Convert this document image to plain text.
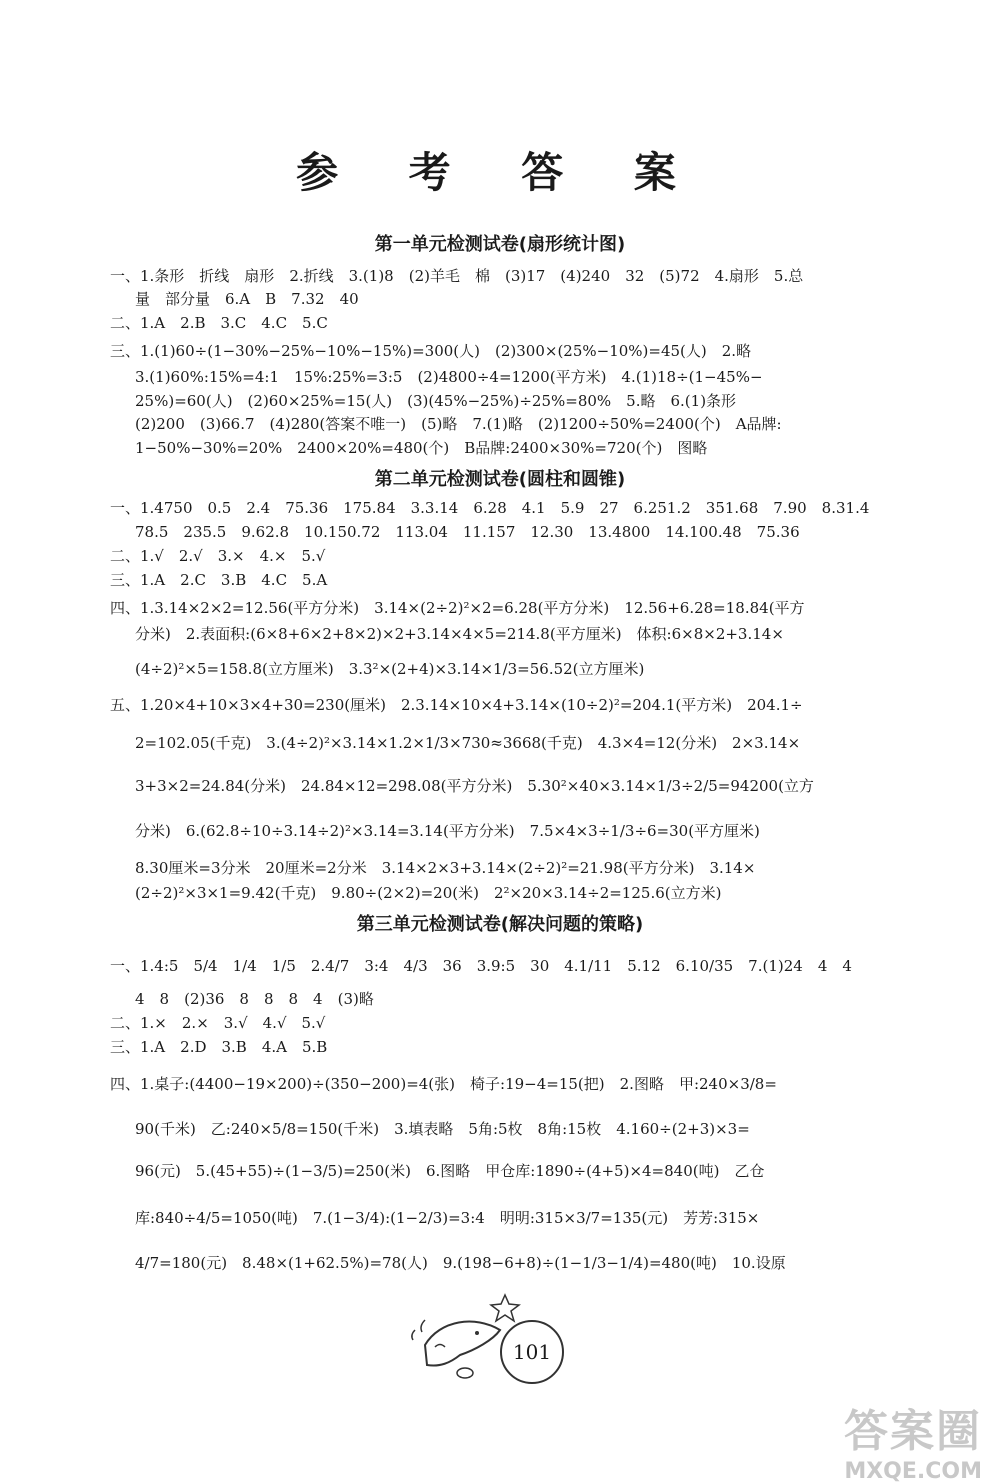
参 考 答 案
第一单元检测试卷(扇形统计图)
一、1.条形　折线　扇形　2.折线　3.(1)8　(2)羊毛　棉　(3)17　(4)240　32　(5)72　4.扇形　5.总
量　部分量　6.A　B　7.32　40
二、1.A　2.B　3.C　4.C　5.C
三、1.(1)60÷(1−30%−25%−10%−15%)=300(人)　(2)300×(25%−10%)=45(人)　2.略
3.(1)60%:15%=4:1　15%:25%=3:5　(2)4800÷4=1200(平方米)　4.(1)18÷(1−45%−
25%)=60(人)　(2)60×25%=15(人)　(3)(45%−25%)÷25%=80%　5.略　6.(1)条形
(2)200　(3)66.7　(4)280(答案不唯一)　(5)略　7.(1)略　(2)1200÷50%=2400(个)　A品牌:
1−50%−30%=20%　2400×20%=480(个)　B品牌:2400×30%=720(个)　图略
第二单元检测试卷(圆柱和圆锥)
一、1.4750　0.5　2.4　75.36　175.84　3.3.14　6.28　4.1　5.9　27　6.251.2　351.68　7.90　8.31.4
78.5　235.5　9.62.8　10.150.72　113.04　11.157　12.30　13.4800　14.100.48　75.36
二、1.√　2.√　3.×　4.×　5.√
三、1.A　2.C　3.B　4.C　5.A
四、1.3.14×2×2=12.56(平方分米)　3.14×(2÷2)²×2=6.28(平方分米)　12.56+6.28=18.84(平方
分米)　2.表面积:(6×8+6×2+8×2)×2+3.14×4×5=214.8(平方厘米)　体积:6×8×2+3.14×
(4÷2)²×5=158.8(立方厘米)　3.3²×(2+4)×3.14×1/3=56.52(立方厘米)
五、1.20×4+10×3×4+30=230(厘米)　2.3.14×10×4+3.14×(10÷2)²=204.1(平方米)　204.1÷
2=102.05(千克)　3.(4÷2)²×3.14×1.2×1/3×730≈3668(千克)　4.3×4=12(分米)　2×3.14×
3+3×2=24.84(分米)　24.84×12=298.08(平方分米)　5.30²×40×3.14×1/3÷2/5=94200(立方
分米)　6.(62.8÷10÷3.14÷2)²×3.14=3.14(平方分米)　7.5×4×3÷1/3÷6=30(平方厘米)
8.30厘米=3分米　20厘米=2分米　3.14×2×3+3.14×(2÷2)²=21.98(平方分米)　3.14×
(2÷2)²×3×1=9.42(千克)　9.80÷(2×2)=20(米)　2²×20×3.14÷2=125.6(立方米)
第三单元检测试卷(解决问题的策略)
一、1.4:5　5/4　1/4　1/5　2.4/7　3:4　4/3　36　3.9:5　30　4.1/11　5.12　6.10/35　7.(1)24　4　4
4　8　(2)36　8　8　8　4　(3)略
二、1.×　2.×　3.√　4.√　5.√
三、1.A　2.D　3.B　4.A　5.B
四、1.桌子:(4400−19×200)÷(350−200)=4(张)　椅子:19−4=15(把)　2.图略　甲:240×3/8=
90(千米)　乙:240×5/8=150(千米)　3.填表略　5角:5枚　8角:15枚　4.160÷(2+3)×3=
96(元)　5.(45+55)÷(1−3/5)=250(米)　6.图略　甲仓库:1890÷(4+5)×4=840(吨)　乙仓
库:840÷4/5=1050(吨)　7.(1−3/4):(1−2/3)=3:4　明明:315×3/7=135(元)　芳芳:315×
4/7=180(元)　8.48×(1+62.5%)=78(人)　9.(198−6+8)÷(1−1/3−1/4)=480(吨)　10.设原
101
答案圈
MXQE.COM
